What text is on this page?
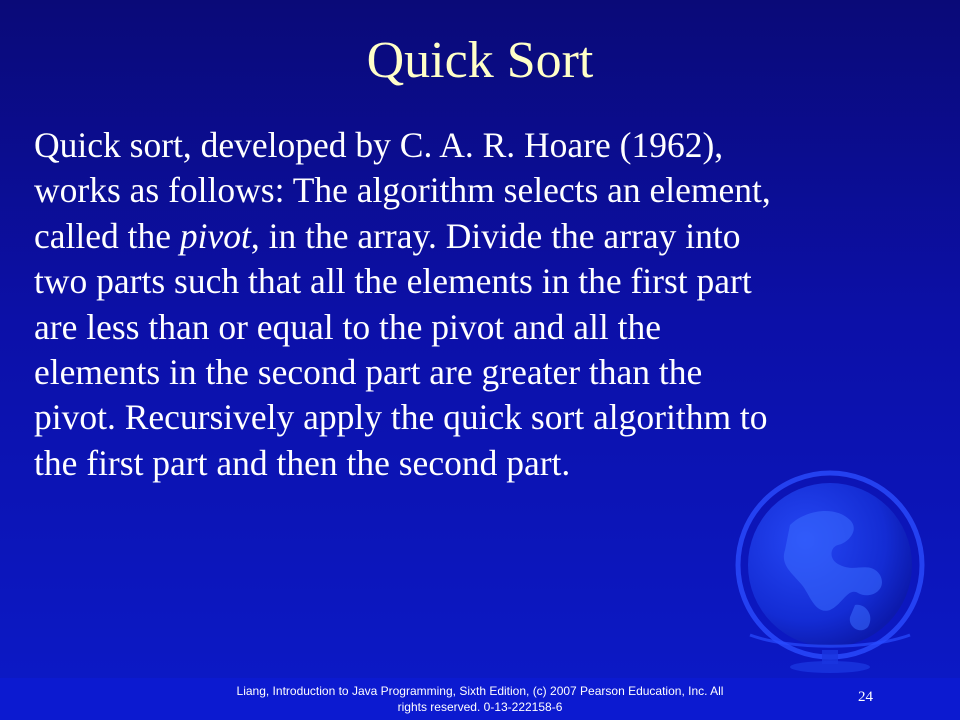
Quick Sort
Quick sort, developed by C. A. R. Hoare (1962),
works as follows: The algorithm selects an element,
called the pivot, in the array. Divide the array into
two parts such that all the elements in the first part
are less than or equal to the pivot and all the
elements in the second part are greater than the
pivot. Recursively apply the quick sort algorithm to
the first part and then the second part.
Liang, Introduction to Java Programming, Sixth Edition, (c) 2007 Pearson Education, Inc. All
rights reserved. 0-13-222158-6
24
